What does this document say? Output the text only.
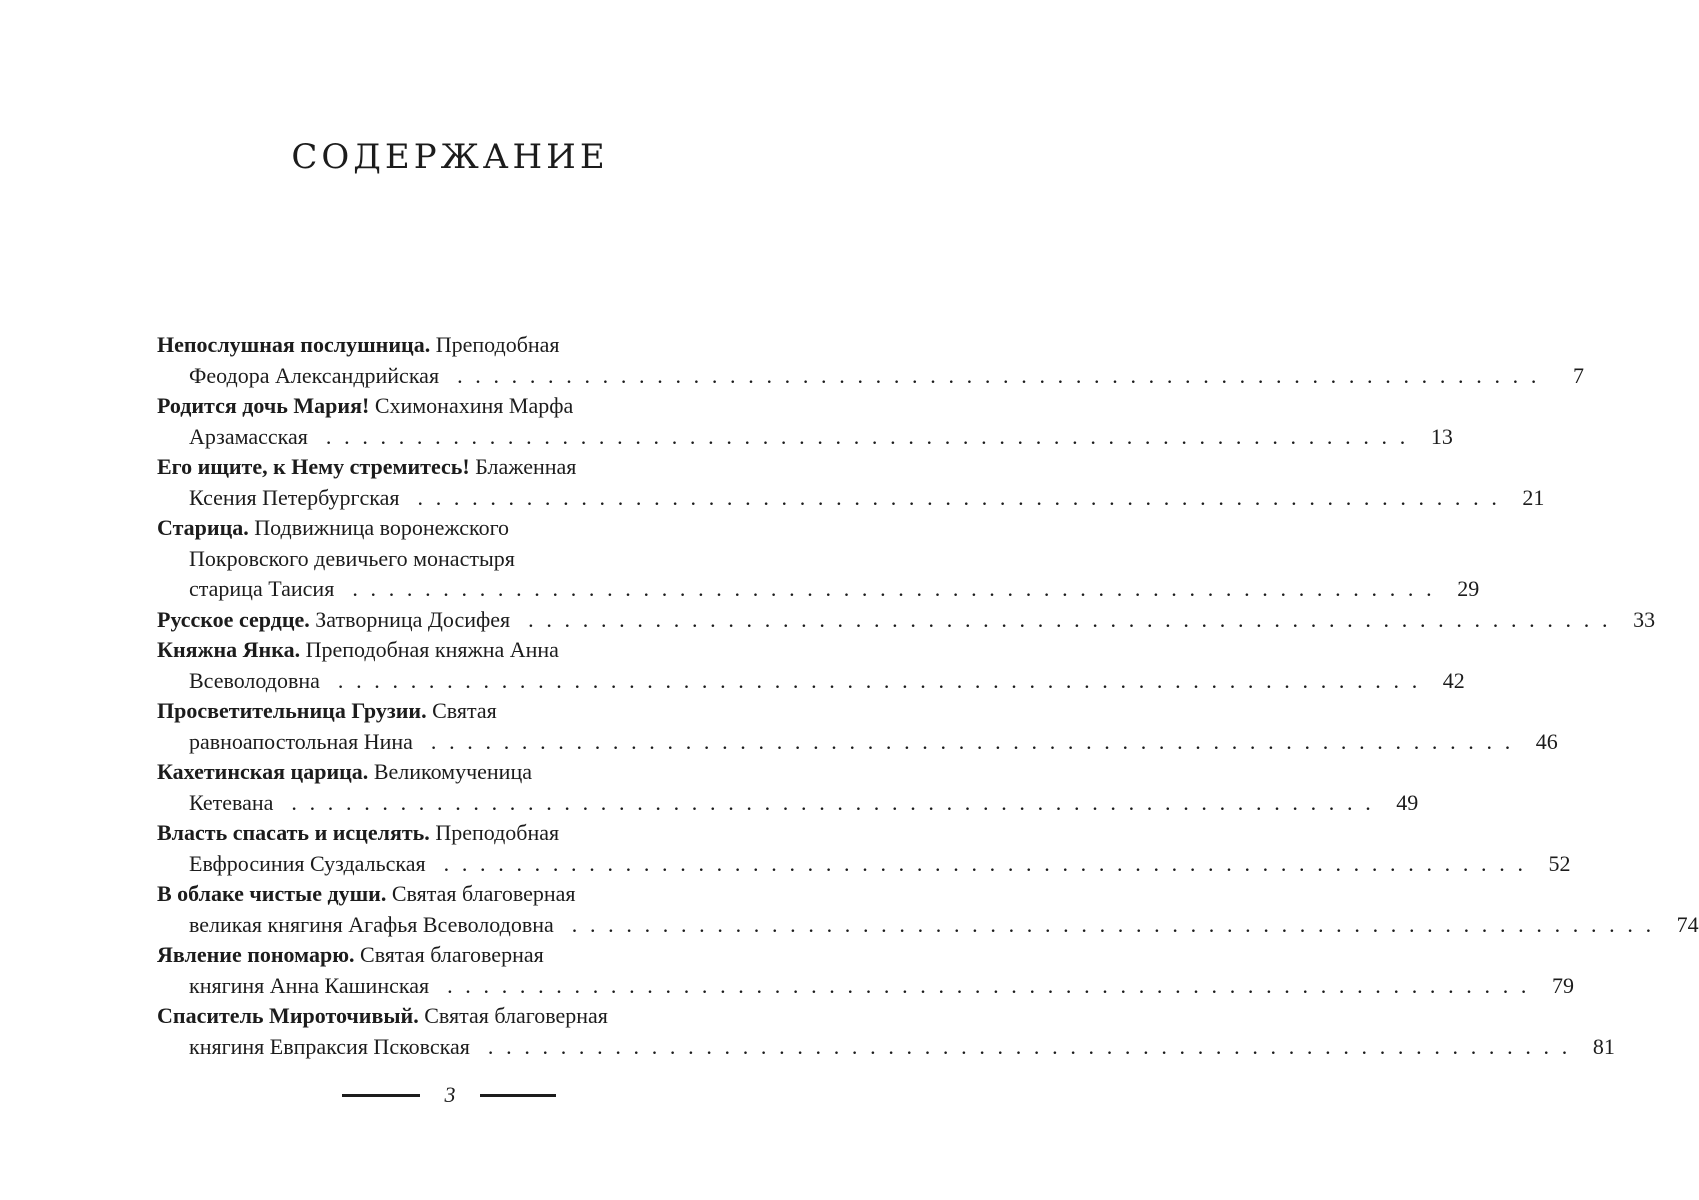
СОДЕРЖАНИЕ
Непослушная послушница. Преподобная
Феодора Александрийская . . . . . . . . . . . . . . . . . . . . . . . . . . . . . . . . . . . . . . . . . . . . . . . . . . . . . . . . . . . .	7
Родится дочь Мария! Схимонахиня Марфа
Арзамасская . . . . . . . . . . . . . . . . . . . . . . . . . . . . . . . . . . . . . . . . . . . . . . . . . . . . . . . . . . . . 13
Его ищите, к Нему стремитесь! Блаженная
Ксения Петербургская . . . . . . . . . . . . . . . . . . . . . . . . . . . . . . . . . . . . . . . . . . . . . . . . . . . . . . . . . . . . 21
Старица. Подвижница воронежского
Покровского девичьего монастыря
старица Таисия . . . . . . . . . . . . . . . . . . . . . . . . . . . . . . . . . . . . . . . . . . . . . . . . . . . . . . . . . . . . 29
Русское сердце. Затворница Досифея . . . . . . . . . . . . . . . . . . . . . . . . . . . . . . . . . . . . . . . . . . . . . . . . . . . . . . . . . . . . 33
Княжна Янка. Преподобная княжна Анна
Всеволодовна . . . . . . . . . . . . . . . . . . . . . . . . . . . . . . . . . . . . . . . . . . . . . . . . . . . . . . . . . . . . 42
Просветительница Грузии. Святая
равноапостольная Нина . . . . . . . . . . . . . . . . . . . . . . . . . . . . . . . . . . . . . . . . . . . . . . . . . . . . . . . . . . . . 46
Кахетинская царица. Великомученица
Кетевана . . . . . . . . . . . . . . . . . . . . . . . . . . . . . . . . . . . . . . . . . . . . . . . . . . . . . . . . . . . . 49
Власть спасать и исцелять. Преподобная
Евфросиния Суздальская . . . . . . . . . . . . . . . . . . . . . . . . . . . . . . . . . . . . . . . . . . . . . . . . . . . . . . . . . . . . 52
В облаке чистые души. Святая благоверная
великая княгиня Агафья Всеволодовна . . . . . . . . . . . . . . . . . . . . . . . . . . . . . . . . . . . . . . . . . . . . . . . . . . . . . . . . . . . . 74
Явление пономарю. Святая благоверная
княгиня Анна Кашинская . . . . . . . . . . . . . . . . . . . . . . . . . . . . . . . . . . . . . . . . . . . . . . . . . . . . . . . . . . . . 79
Спаситель Мироточивый. Святая благоверная
княгиня Евпраксия Псковская . . . . . . . . . . . . . . . . . . . . . . . . . . . . . . . . . . . . . . . . . . . . . . . . . . . . . . . . . . . . 81
3
